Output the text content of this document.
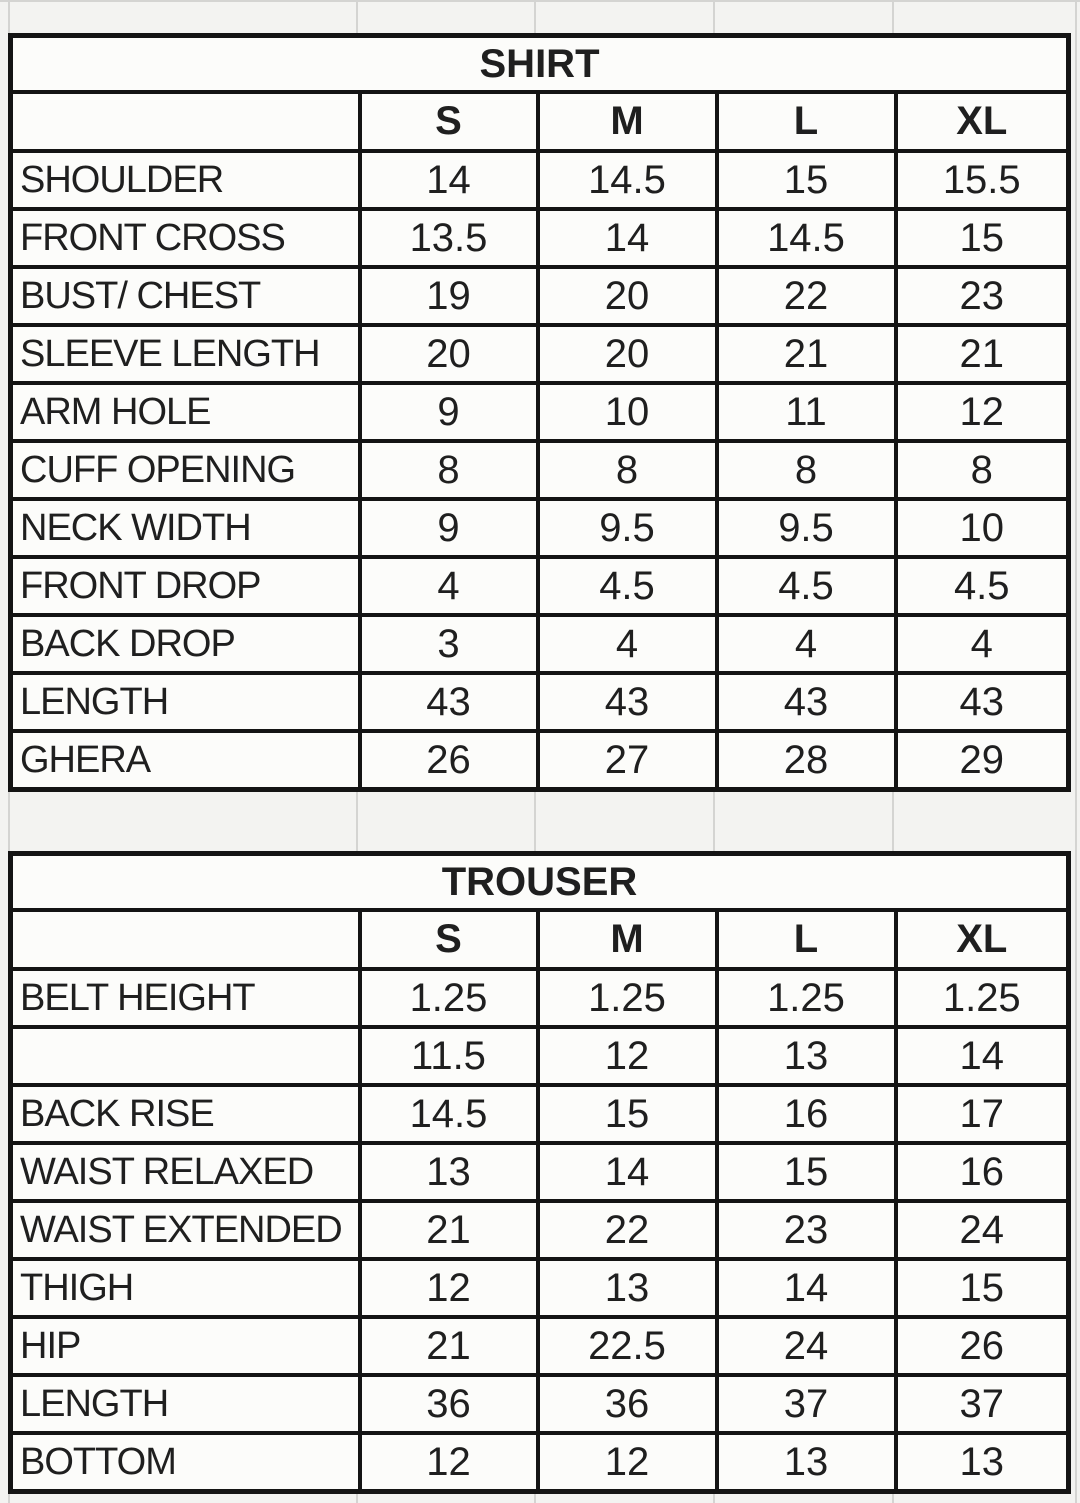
SHIRT				
	S	M	L	XL
SHOULDER	14	14.5	15	15.5
FRONT CROSS	13.5	14	14.5	15
BUST/ CHEST	19	20	22	23
SLEEVE LENGTH	20	20	21	21
ARM HOLE	9	10	11	12
CUFF OPENING	8	8	8	8
NECK WIDTH	9	9.5	9.5	10
FRONT DROP	4	4.5	4.5	4.5
BACK DROP	3	4	4	4
LENGTH	43	43	43	43
GHERA	26	27	28	29
TROUSER				
	S	M	L	XL
BELT HEIGHT	1.25	1.25	1.25	1.25
	11.5	12	13	14
BACK RISE	14.5	15	16	17
WAIST RELAXED	13	14	15	16
WAIST EXTENDED	21	22	23	24
THIGH	12	13	14	15
HIP	21	22.5	24	26
LENGTH	36	36	37	37
BOTTOM	12	12	13	13
